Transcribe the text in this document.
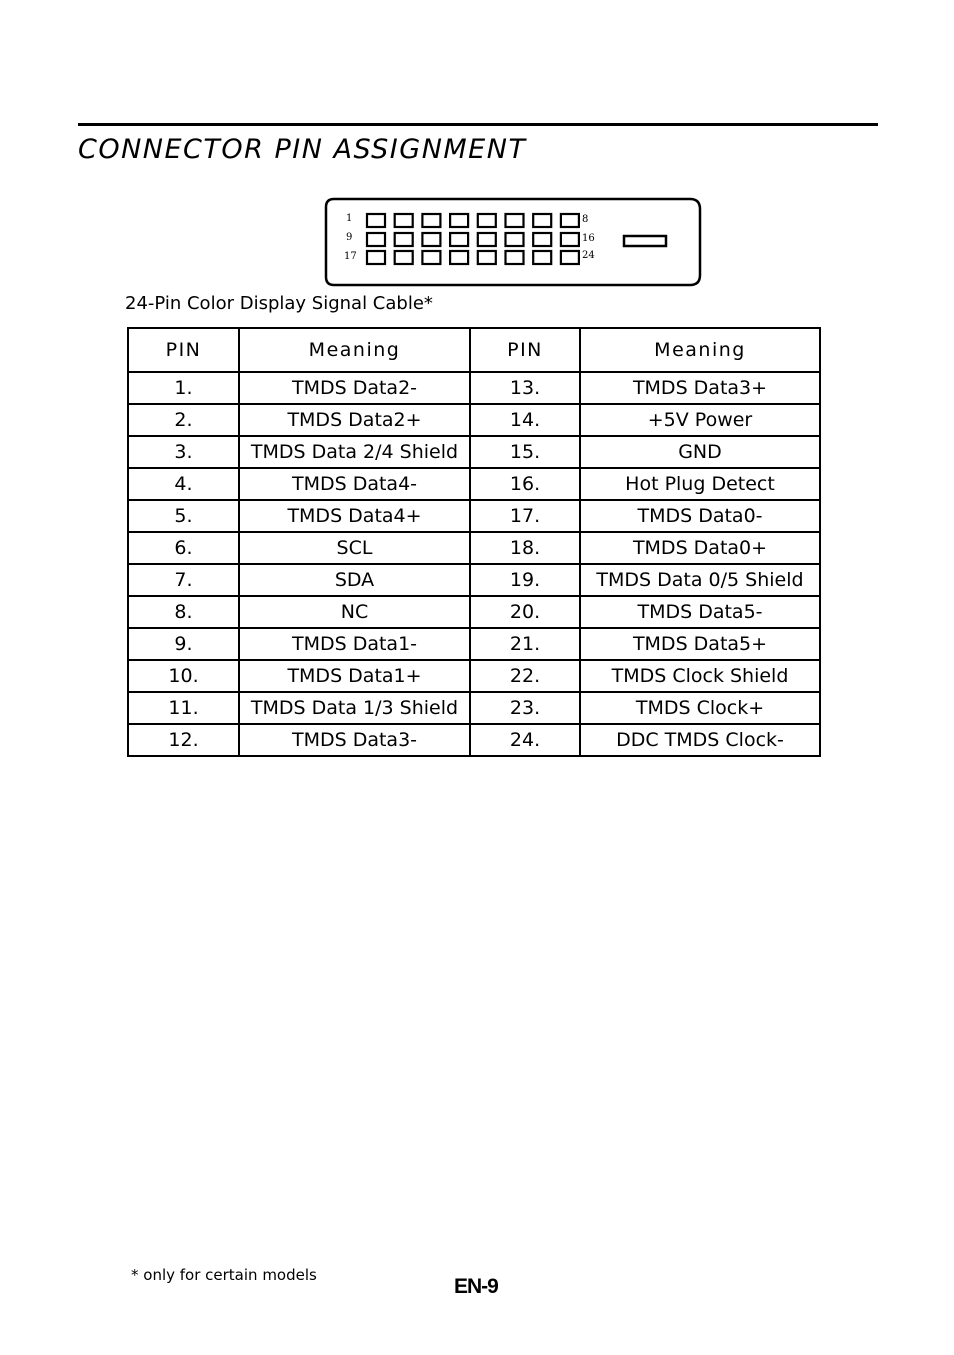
CONNECTOR PIN ASSIGNMENT
1
9
17
8
16
24
24-Pin Color Display Signal Cable*
PIN	Meaning	PIN	Meaning
1.	TMDS Data2-	13.	TMDS Data3+
2.	TMDS Data2+	14.	+5V Power
3.	TMDS Data 2/4 Shield	15.	GND
4.	TMDS Data4-	16.	Hot Plug Detect
5.	TMDS Data4+	17.	TMDS Data0-
6.	SCL	18.	TMDS Data0+
7.	SDA	19.	TMDS Data 0/5 Shield
8.	NC	20.	TMDS Data5-
9.	TMDS Data1-	21.	TMDS Data5+
10.	TMDS Data1+	22.	TMDS Clock Shield
11.	TMDS Data 1/3 Shield	23.	TMDS Clock+
12.	TMDS Data3-	24.	DDC TMDS Clock-
* only for certain models	EN-9
